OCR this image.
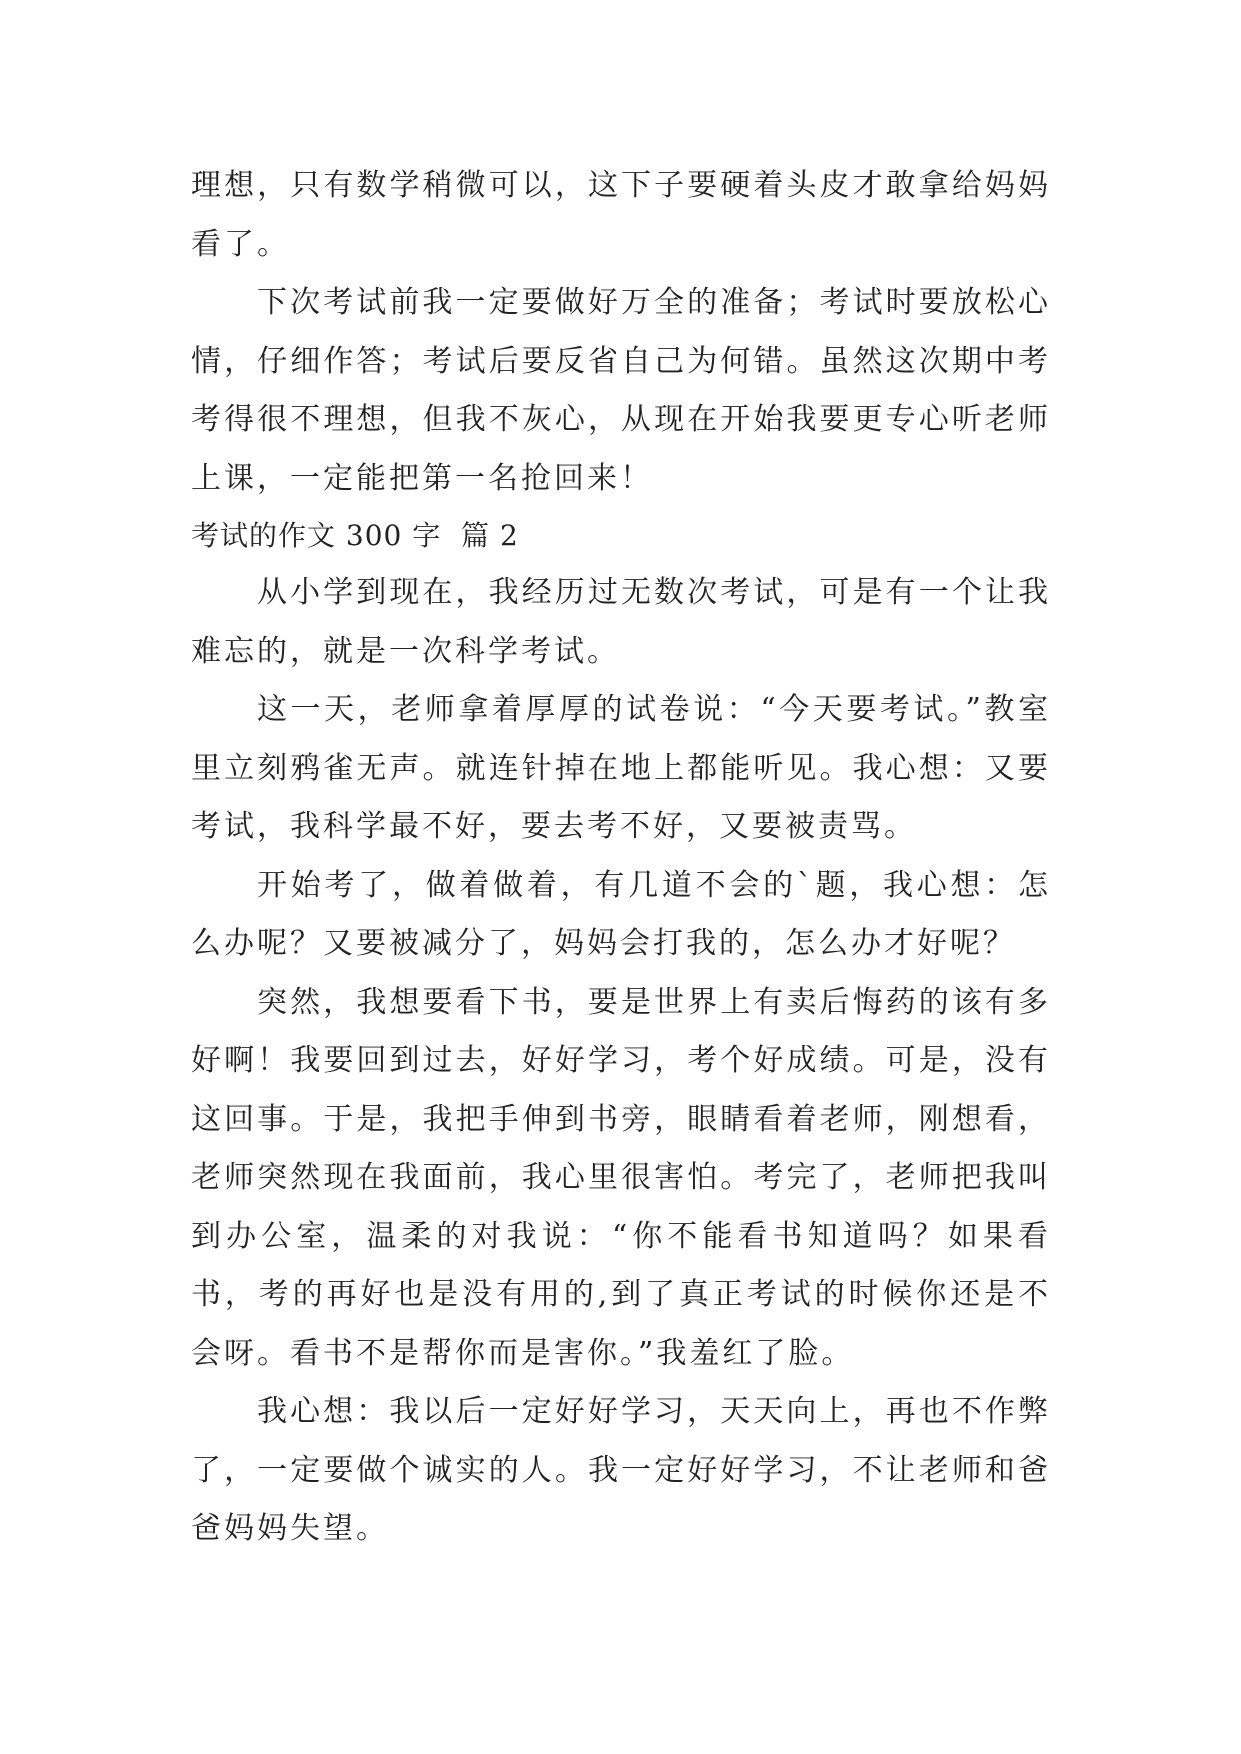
理想，只有数学稍微可以，这下子要硬着头皮才敢拿给妈妈看了。

下次考试前我一定要做好万全的准备；考试时要放松心情，仔细作答；考试后要反省自己为何错。虽然这次期中考考得很不理想，但我不灰心，从现在开始我要更专心听老师上课，一定能把第一名抢回来！

考试的作文 300 字  篇 2

从小学到现在，我经历过无数次考试，可是有一个让我难忘的，就是一次科学考试。

这一天，老师拿着厚厚的试卷说：“今天要考试。”教室里立刻鸦雀无声。就连针掉在地上都能听见。我心想：又要考试，我科学最不好，要去考不好，又要被责骂。

开始考了，做着做着，有几道不会的`题，我心想：怎么办呢？又要被减分了，妈妈会打我的，怎么办才好呢？

突然，我想要看下书，要是世界上有卖后悔药的该有多好啊！我要回到过去，好好学习，考个好成绩。可是，没有这回事。于是，我把手伸到书旁，眼睛看着老师，刚想看，老师突然现在我面前，我心里很害怕。考完了，老师把我叫到办公室，温柔的对我说：“你不能看书知道吗？如果看书，考的再好也是没有用的,到了真正考试的时候你还是不会呀。看书不是帮你而是害你。”我羞红了脸。

我心想：我以后一定好好学习，天天向上，再也不作弊了，一定要做个诚实的人。我一定好好学习，不让老师和爸爸妈妈失望。
